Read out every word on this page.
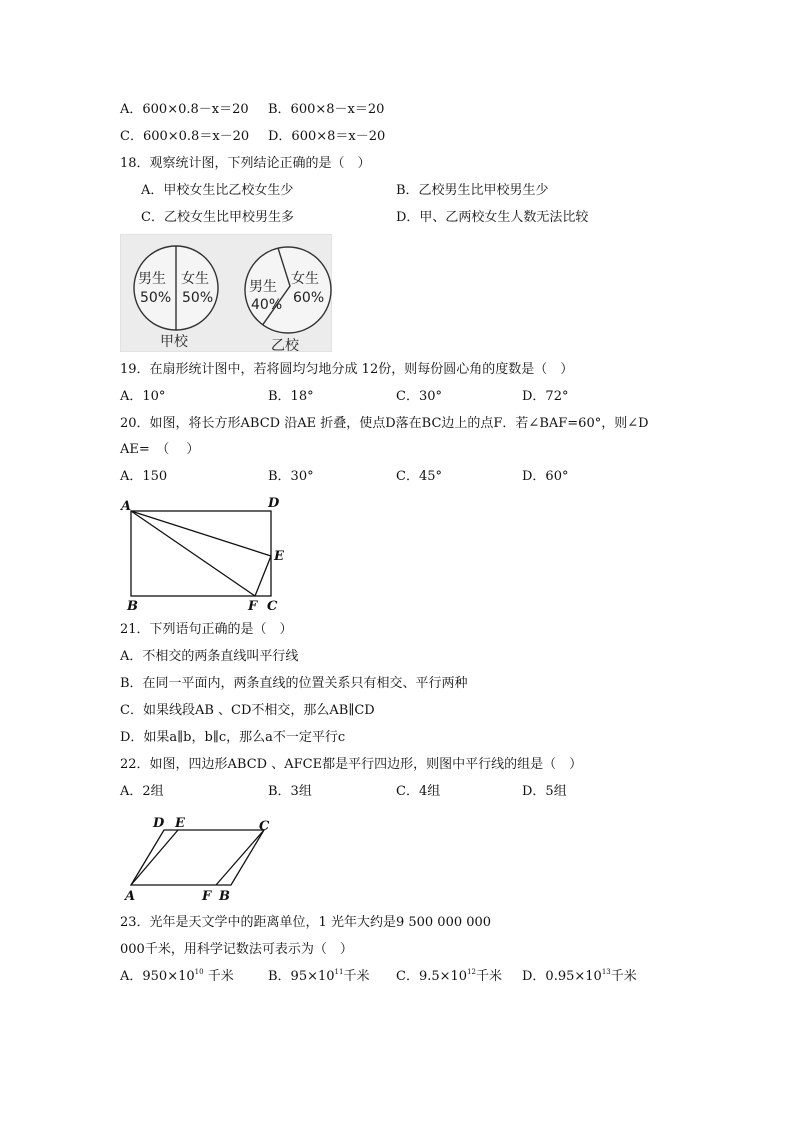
A．600×0.8－x＝20 B．600×8－x＝20
C．600×0.8＝x－20 D．600×8＝x－20
18．观察统计图，下列结论正确的是（　）
A．甲校女生比乙校女生少	B．乙校男生比甲校男生少
C．乙校女生比甲校男生多	D．甲、乙两校女生人数无法比较
男生
50%
女生
50%
甲校
男生
40%
女生
60%
乙校
19．在扇形统计图中，若将圆均匀地分成 12份，则每份圆心角的度数是（　）
A．10°	B．18°	C．30°	D．72°
20．如图，将长方形ABCD 沿AE 折叠，使点D落在BC边上的点F．若∠BAF=60°，则∠D
AE=　（　 ）
A．150	B．30°	C．45°	D．60°
A	D
E
B	F C
21．下列语句正确的是（　）
A．不相交的两条直线叫平行线
B．在同一平面内，两条直线的位置关系只有相交、平行两种
C．如果线段AB 、CD不相交，那么AB∥CD
D．如果a∥b，b∥c，那么a不一定平行c
22．如图，四边形ABCD 、AFCE都是平行四边形，则图中平行线的组是（　）
A．2组	B．3组	C．4组	D．5组
D E	C
A	F B
23．光年是天文学中的距离单位，1 光年大约是9 500 000 000
000千米，用科学记数法可表示为（　）
A．$950\times 10^{10}$ 千米	B．$95\times 10^{11}$千米 C．$9.5\times 10^{12}$千米 D．$0.95\times 10^{13}$千米
